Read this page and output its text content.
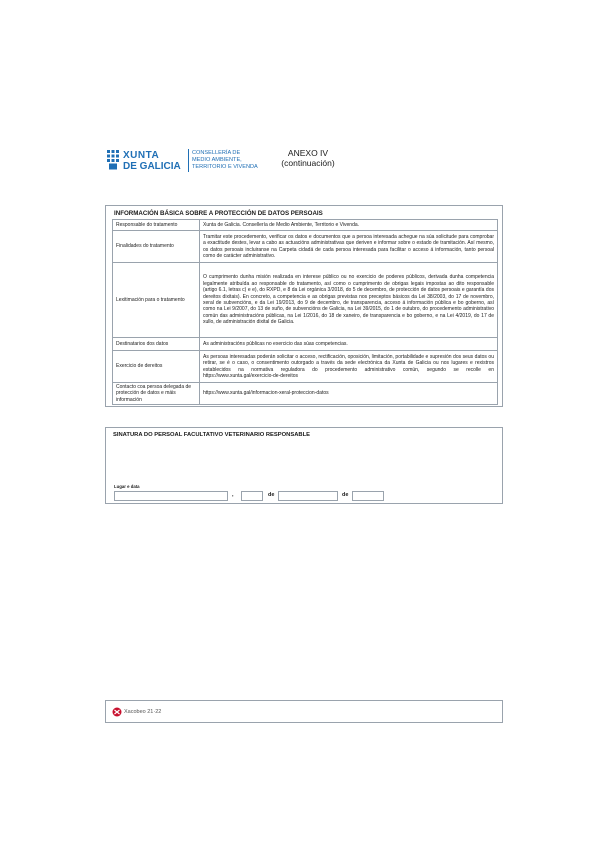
XUNTA
DE GALICIA
CONSELLERÍA DE
MEDIO AMBIENTE,
TERRITORIO E VIVENDA
ANEXO IV
(continuación)
INFORMACIÓN BÁSICA SOBRE A PROTECCIÓN DE DATOS PERSOAIS
Responsable do tratamento	Xunta de Galicia. Consellería de Medio Ambiente, Territorio e Vivenda.
Finalidades do tratamento	Tramitar este procedemento, verificar os datos e documentos que a persoa interesada achegue na súa solicitude para comprobar a exactitude destes, levar a cabo as actuacións administrativas que deriven e informar sobre o estado de tramitación. Así mesmo, os datos persoais incluiranse na Carpeta cidadá de cada persoa interesada para facilitar o acceso á información, tanto persoal como de carácter administrativo.
Lexitimación para o tratamento	O cumprimento dunha misión realizada en interese público ou no exercicio de poderes públicos, derivada dunha competencia legalmente atribuída ao responsable do tratamento, así como o cumprimento de obrigas legais impostas ao dito responsable (artigo 6.1, letras c) e e), do RXPD, e 8 da Lei orgánica 3/2018, do 5 de decembro, de protección de datos persoais e garantía dos dereitos dixitais). En concreto, a competencia e as obrigas previstas nos preceptos básicos da Lei 38/2003, do 17 de novembro, xeral de subvencións, e da Lei 19/2013, do 9 de decembro, de transparencia, acceso á información pública e bo goberno, así como na Lei 9/2007, do 13 de xuño, de subvencións de Galicia, na Lei 39/2015, do 1 de outubro, do procedemento administrativo común das administracións públicas, na Lei 1/2016, do 18 de xaneiro, de transparencia e bo goberno, e na Lei 4/2019, do 17 de xullo, de administración dixital de Galicia.
Destinatarios dos datos	As administracións públicas no exercicio das súas competencias.
Exercicio de dereitos	As persoas interesadas poderán solicitar o acceso, rectificación, oposición, limitación, portabilidade e supresión dos seus datos ou retirar, se é o caso, o consentimento outorgado a través da sede electrónica da Xunta de Galicia ou nos lugares e rexistros establecidos na normativa reguladora do procedemento administrativo común, segundo se recolle en https://www.xunta.gal/exercicio-de-dereitos
Contacto coa persoa delegada de protección de datos e máis información	https://www.xunta.gal/informacion-xeral-proteccion-datos
SINATURA DO PERSOAL FACULTATIVO VETERINARIO RESPONSABLE
Lugar e data
,	de	de
Xacobeo 21·22
